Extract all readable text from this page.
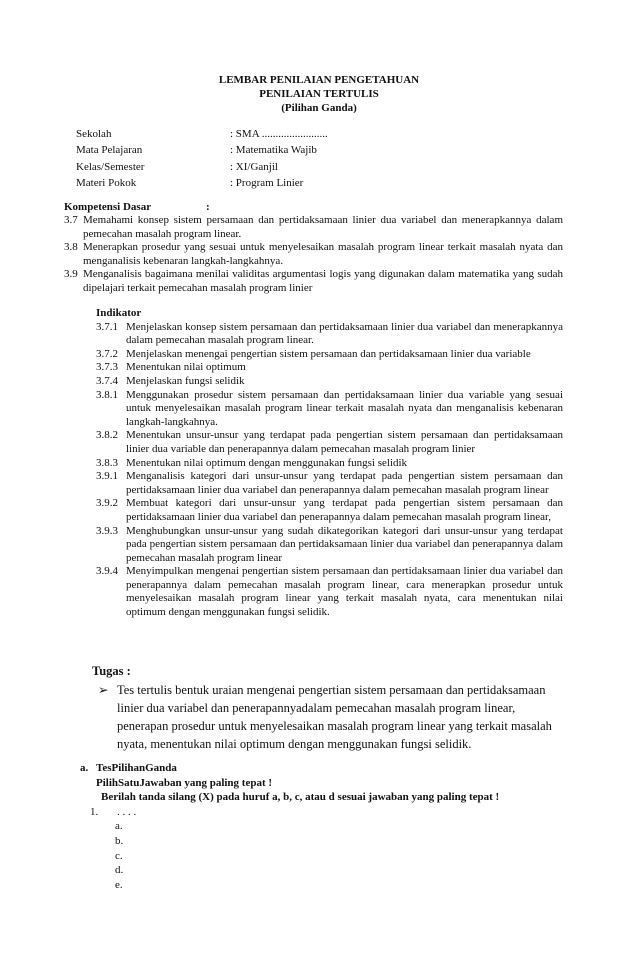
LEMBAR PENILAIAN PENGETAHUAN
PENILAIAN TERTULIS
(Pilihan Ganda)
Sekolah	: SMA ........................
Mata Pelajaran	: Matematika Wajib
Kelas/Semester	: XI/Ganjil
Materi Pokok	: Program Linier
Kompetensi Dasar	:
3.7 Memahami konsep sistem persamaan dan pertidaksamaan linier dua variabel dan menerapkannya dalam pemecahan masalah program linear.
3.8 Menerapkan prosedur yang sesuai untuk menyelesaikan masalah program linear terkait masalah nyata dan menganalisis kebenaran langkah-langkahnya.
3.9 Menganalisis bagaimana menilai validitas argumentasi logis yang digunakan dalam matematika yang sudah dipelajari terkait pemecahan masalah program linier
Indikator
3.7.1 Menjelaskan konsep sistem persamaan dan pertidaksamaan linier dua variabel dan menerapkannya dalam pemecahan masalah program linear.
3.7.2 Menjelaskan menengai pengertian sistem persamaan dan pertidaksamaan linier dua variable
3.7.3 Menentukan nilai optimum
3.7.4 Menjelaskan fungsi selidik
3.8.1 Menggunakan prosedur sistem persamaan dan pertidaksamaan linier dua variable yang sesuai untuk menyelesaikan masalah program linear terkait masalah nyata dan menganalisis kebenaran langkah-langkahnya.
3.8.2 Menentukan unsur-unsur yang terdapat pada pengertian sistem persamaan dan pertidaksamaan linier dua variable dan penerapannya dalam pemecahan masalah program linier
3.8.3 Menentukan nilai optimum dengan menggunakan fungsi selidik
3.9.1 Menganalisis kategori dari unsur-unsur yang terdapat pada pengertian sistem persamaan dan pertidaksamaan linier dua variabel dan penerapannya dalam pemecahan masalah program linear
3.9.2 Membuat kategori dari unsur-unsur yang terdapat pada pengertian sistem persamaan dan pertidaksamaan linier dua variabel dan penerapannya dalam pemecahan masalah program linear,
3.9.3 Menghubungkan unsur-unsur yang sudah dikategorikan kategori dari unsur-unsur yang terdapat pada pengertian sistem persamaan dan pertidaksamaan linier dua variabel dan penerapannya dalam pemecahan masalah program linear
3.9.4 Menyimpulkan mengenai pengertian sistem persamaan dan pertidaksamaan linier dua variabel dan penerapannya dalam pemecahan masalah program linear, cara menerapkan prosedur untuk menyelesaikan masalah program linear yang terkait masalah nyata, cara menentukan nilai optimum dengan menggunakan fungsi selidik.
Tugas :
➢ Tes tertulis bentuk uraian mengenai pengertian sistem persamaan dan pertidaksamaan linier dua variabel dan penerapannyadalam pemecahan masalah program linear, penerapan prosedur untuk menyelesaikan masalah program linear yang terkait masalah nyata, menentukan nilai optimum dengan menggunakan fungsi selidik.
a. TesPilihanGanda
PilihSatuJawaban yang paling tepat !
Berilah tanda silang (X) pada huruf a, b, c, atau d sesuai jawaban yang paling tepat !
1.	. . . .
a.
b.
c.
d.
e.
